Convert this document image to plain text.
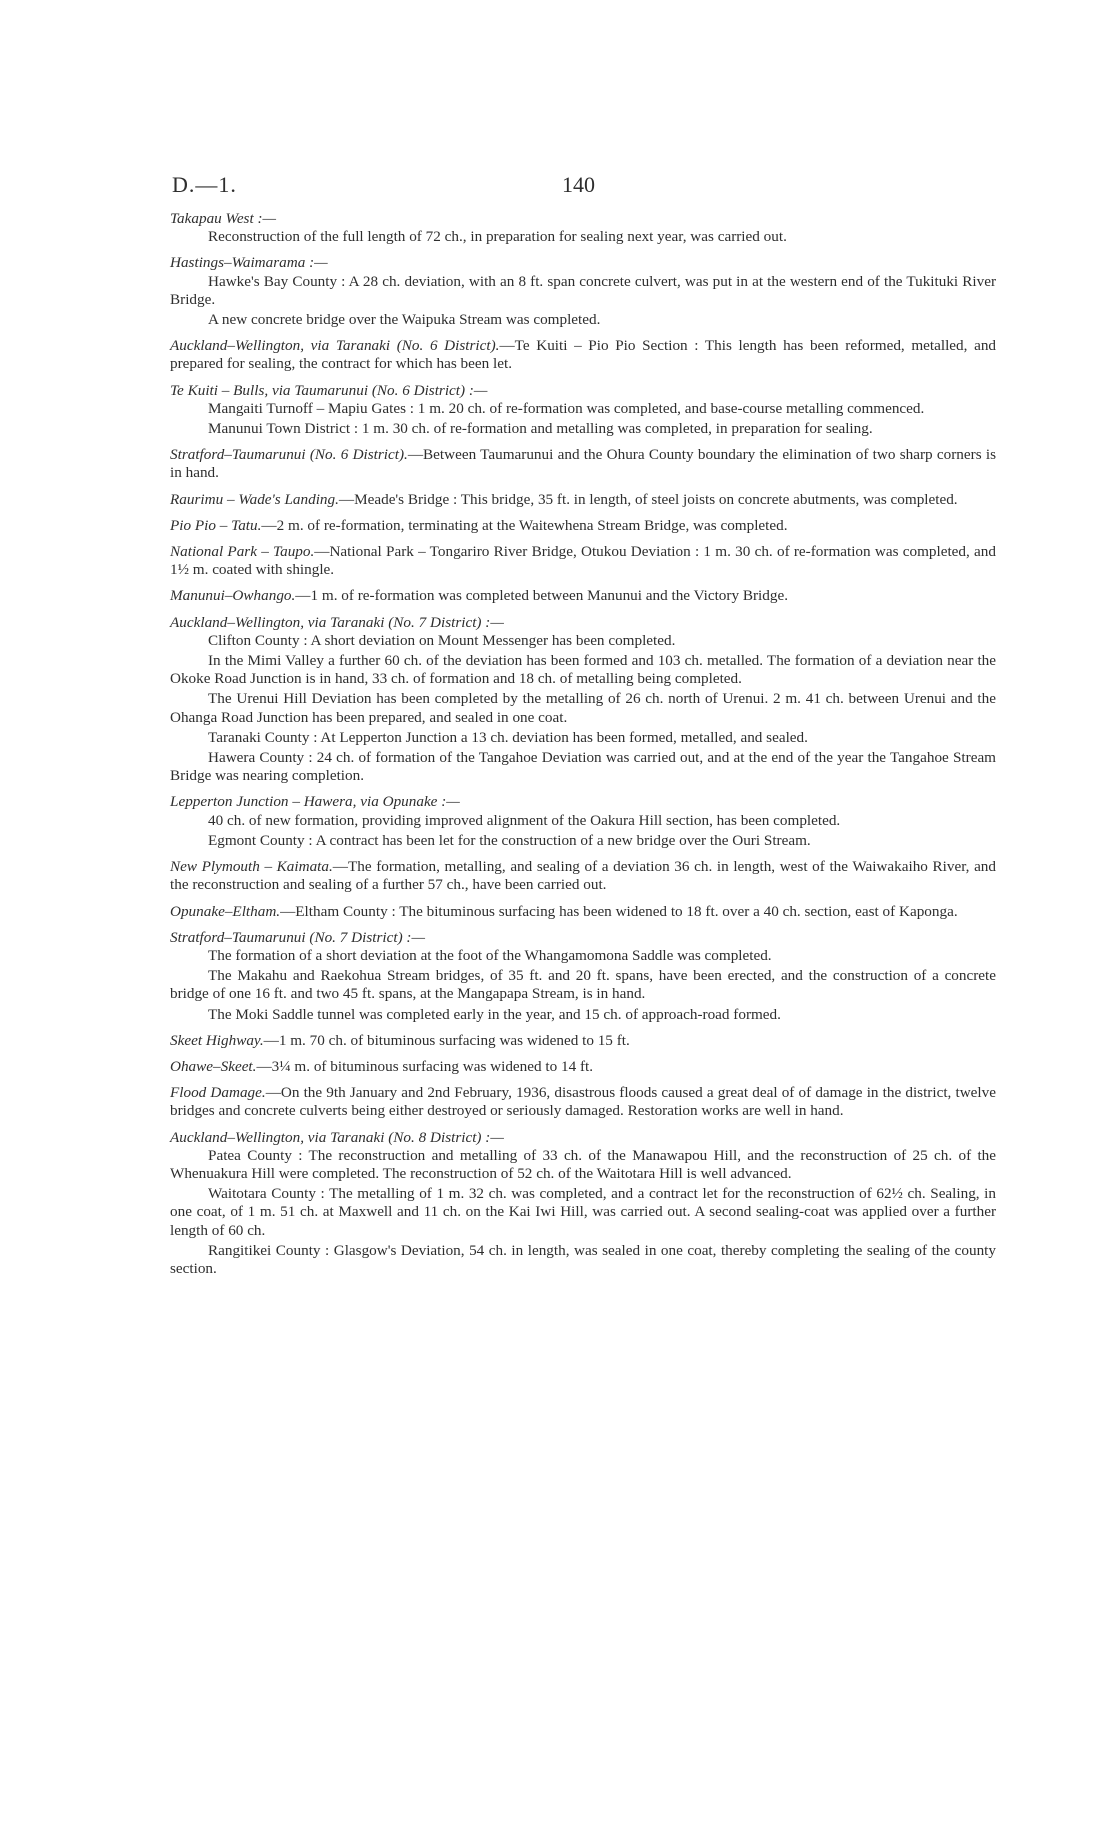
D.—1.	140
Takapau West :—
Reconstruction of the full length of 72 ch., in preparation for sealing next year, was carried out.
Hastings–Waimarama :—
Hawke's Bay County : A 28 ch. deviation, with an 8 ft. span concrete culvert, was put in at the western end of the Tukituki River Bridge.
A new concrete bridge over the Waipuka Stream was completed.
Auckland–Wellington, via Taranaki (No. 6 District).—Te Kuiti – Pio Pio Section : This length has been reformed, metalled, and prepared for sealing, the contract for which has been let.
Te Kuiti – Bulls, via Taumarunui (No. 6 District) :—
Mangaiti Turnoff – Mapiu Gates : 1 m. 20 ch. of re-formation was completed, and base-course metalling commenced.
Manunui Town District : 1 m. 30 ch. of re-formation and metalling was completed, in preparation for sealing.
Stratford–Taumarunui (No. 6 District).—Between Taumarunui and the Ohura County boundary the elimination of two sharp corners is in hand.
Raurimu – Wade's Landing.—Meade's Bridge : This bridge, 35 ft. in length, of steel joists on concrete abutments, was completed.
Pio Pio – Tatu.—2 m. of re-formation, terminating at the Waitewhena Stream Bridge, was completed.
National Park – Taupo.—National Park – Tongariro River Bridge, Otukou Deviation : 1 m. 30 ch. of re-formation was completed, and 1½ m. coated with shingle.
Manunui–Owhango.—1 m. of re-formation was completed between Manunui and the Victory Bridge.
Auckland–Wellington, via Taranaki (No. 7 District) :—
Clifton County : A short deviation on Mount Messenger has been completed.
In the Mimi Valley a further 60 ch. of the deviation has been formed and 103 ch. metalled. The formation of a deviation near the Okoke Road Junction is in hand, 33 ch. of formation and 18 ch. of metalling being completed.
The Urenui Hill Deviation has been completed by the metalling of 26 ch. north of Urenui. 2 m. 41 ch. between Urenui and the Ohanga Road Junction has been prepared, and sealed in one coat.
Taranaki County : At Lepperton Junction a 13 ch. deviation has been formed, metalled, and sealed.
Hawera County : 24 ch. of formation of the Tangahoe Deviation was carried out, and at the end of the year the Tangahoe Stream Bridge was nearing completion.
Lepperton Junction – Hawera, via Opunake :—
40 ch. of new formation, providing improved alignment of the Oakura Hill section, has been completed.
Egmont County : A contract has been let for the construction of a new bridge over the Ouri Stream.
New Plymouth – Kaimata.—The formation, metalling, and sealing of a deviation 36 ch. in length, west of the Waiwakaiho River, and the reconstruction and sealing of a further 57 ch., have been carried out.
Opunake–Eltham.—Eltham County : The bituminous surfacing has been widened to 18 ft. over a 40 ch. section, east of Kaponga.
Stratford–Taumarunui (No. 7 District) :—
The formation of a short deviation at the foot of the Whangamomona Saddle was completed.
The Makahu and Raekohua Stream bridges, of 35 ft. and 20 ft. spans, have been erected, and the construction of a concrete bridge of one 16 ft. and two 45 ft. spans, at the Mangapapa Stream, is in hand.
The Moki Saddle tunnel was completed early in the year, and 15 ch. of approach-road formed.
Skeet Highway.—1 m. 70 ch. of bituminous surfacing was widened to 15 ft.
Ohawe–Skeet.—3¼ m. of bituminous surfacing was widened to 14 ft.
Flood Damage.—On the 9th January and 2nd February, 1936, disastrous floods caused a great deal of of damage in the district, twelve bridges and concrete culverts being either destroyed or seriously damaged. Restoration works are well in hand.
Auckland–Wellington, via Taranaki (No. 8 District) :—
Patea County : The reconstruction and metalling of 33 ch. of the Manawapou Hill, and the reconstruction of 25 ch. of the Whenuakura Hill were completed. The reconstruction of 52 ch. of the Waitotara Hill is well advanced.
Waitotara County : The metalling of 1 m. 32 ch. was completed, and a contract let for the reconstruction of 62½ ch. Sealing, in one coat, of 1 m. 51 ch. at Maxwell and 11 ch. on the Kai Iwi Hill, was carried out. A second sealing-coat was applied over a further length of 60 ch.
Rangitikei County : Glasgow's Deviation, 54 ch. in length, was sealed in one coat, thereby completing the sealing of the county section.
